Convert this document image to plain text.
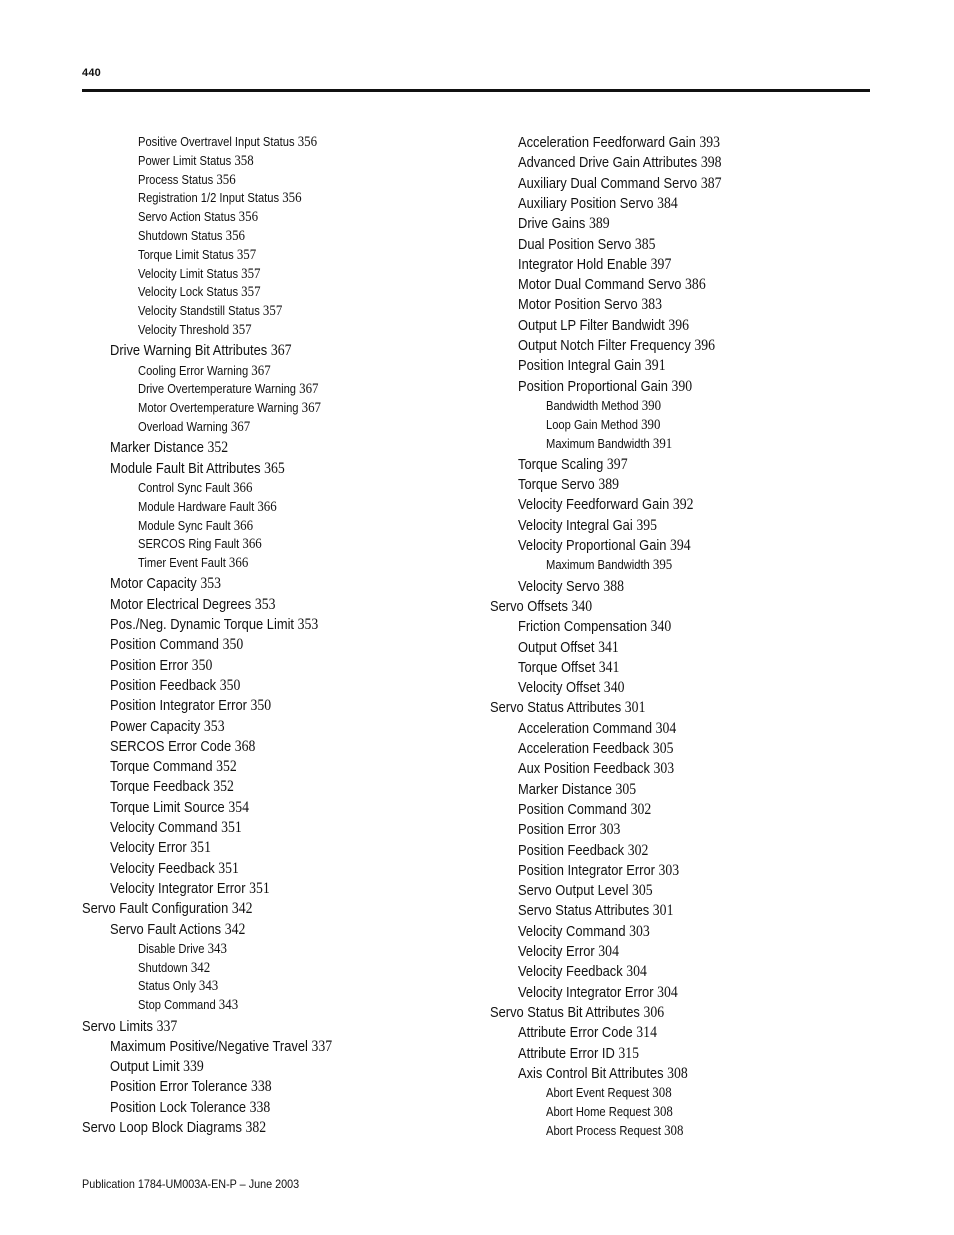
440
Positive Overtravel Input Status 356
Power Limit Status 358
Process Status 356
Registration 1/2 Input Status 356
Servo Action Status 356
Shutdown Status 356
Torque Limit Status 357
Velocity Limit Status 357
Velocity Lock Status 357
Velocity Standstill Status 357
Velocity Threshold 357
Drive Warning Bit Attributes 367
Cooling Error Warning 367
Drive Overtemperature Warning 367
Motor Overtemperature Warning 367
Overload Warning 367
Marker Distance 352
Module Fault Bit Attributes 365
Control Sync Fault 366
Module Hardware Fault 366
Module Sync Fault 366
SERCOS Ring Fault 366
Timer Event Fault 366
Motor Capacity 353
Motor Electrical Degrees 353
Pos./Neg. Dynamic Torque Limit 353
Position Command 350
Position Error 350
Position Feedback 350
Position Integrator Error 350
Power Capacity 353
SERCOS Error Code 368
Torque Command 352
Torque Feedback 352
Torque Limit Source 354
Velocity Command 351
Velocity Error 351
Velocity Feedback 351
Velocity Integrator Error 351
Servo Fault Configuration 342
Servo Fault Actions 342
Disable Drive 343
Shutdown 342
Status Only 343
Stop Command 343
Servo Limits 337
Maximum Positive/Negative Travel 337
Output Limit 339
Position Error Tolerance 338
Position Lock Tolerance 338
Servo Loop Block Diagrams 382
Acceleration Feedforward Gain 393
Advanced Drive Gain Attributes 398
Auxiliary Dual Command Servo 387
Auxiliary Position Servo 384
Drive Gains 389
Dual Position Servo 385
Integrator Hold Enable 397
Motor Dual Command Servo 386
Motor Position Servo 383
Output LP Filter Bandwidt 396
Output Notch Filter Frequency 396
Position Integral Gain 391
Position Proportional Gain 390
Bandwidth Method 390
Loop Gain Method 390
Maximum Bandwidth 391
Torque Scaling 397
Torque Servo 389
Velocity Feedforward Gain 392
Velocity Integral Gai 395
Velocity Proportional Gain 394
Maximum Bandwidth 395
Velocity Servo 388
Servo Offsets 340
Friction Compensation 340
Output Offset 341
Torque Offset 341
Velocity Offset 340
Servo Status Attributes 301
Acceleration Command 304
Acceleration Feedback 305
Aux Position Feedback 303
Marker Distance 305
Position Command 302
Position Error 303
Position Feedback 302
Position Integrator Error 303
Servo Output Level 305
Servo Status Attributes 301
Velocity Command 303
Velocity Error 304
Velocity Feedback 304
Velocity Integrator Error 304
Servo Status Bit Attributes 306
Attribute Error Code 314
Attribute Error ID 315
Axis Control Bit Attributes 308
Abort Event Request 308
Abort Home Request 308
Abort Process Request 308
Publication 1784-UM003A-EN-P – June 2003
